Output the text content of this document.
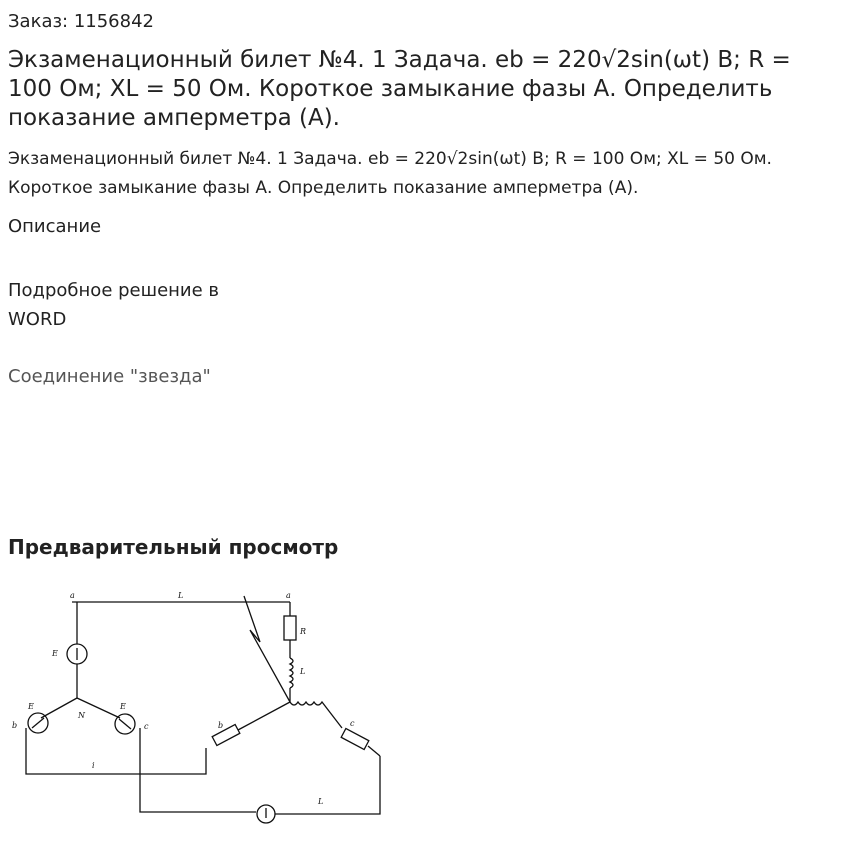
Заказ: 1156842
Экзаменационный билет №4. 1 Задача. eb = 220√2sin(ωt) В; R = 100 Ом; XL = 50 Ом. Короткое замыкание фазы А. Определить показание амперметра (А).
Экзаменационный билет №4. 1 Задача. eb = 220√2sin(ωt) В; R = 100 Ом; XL = 50 Ом. Короткое замыкание фазы А. Определить показание амперметра (А).
Описание
Подробное решение в
WORD
Соединение "звезда"
Предварительный просмотр
a	L	a
R
L
E
E	E
N
b	c	b	c
L
i
